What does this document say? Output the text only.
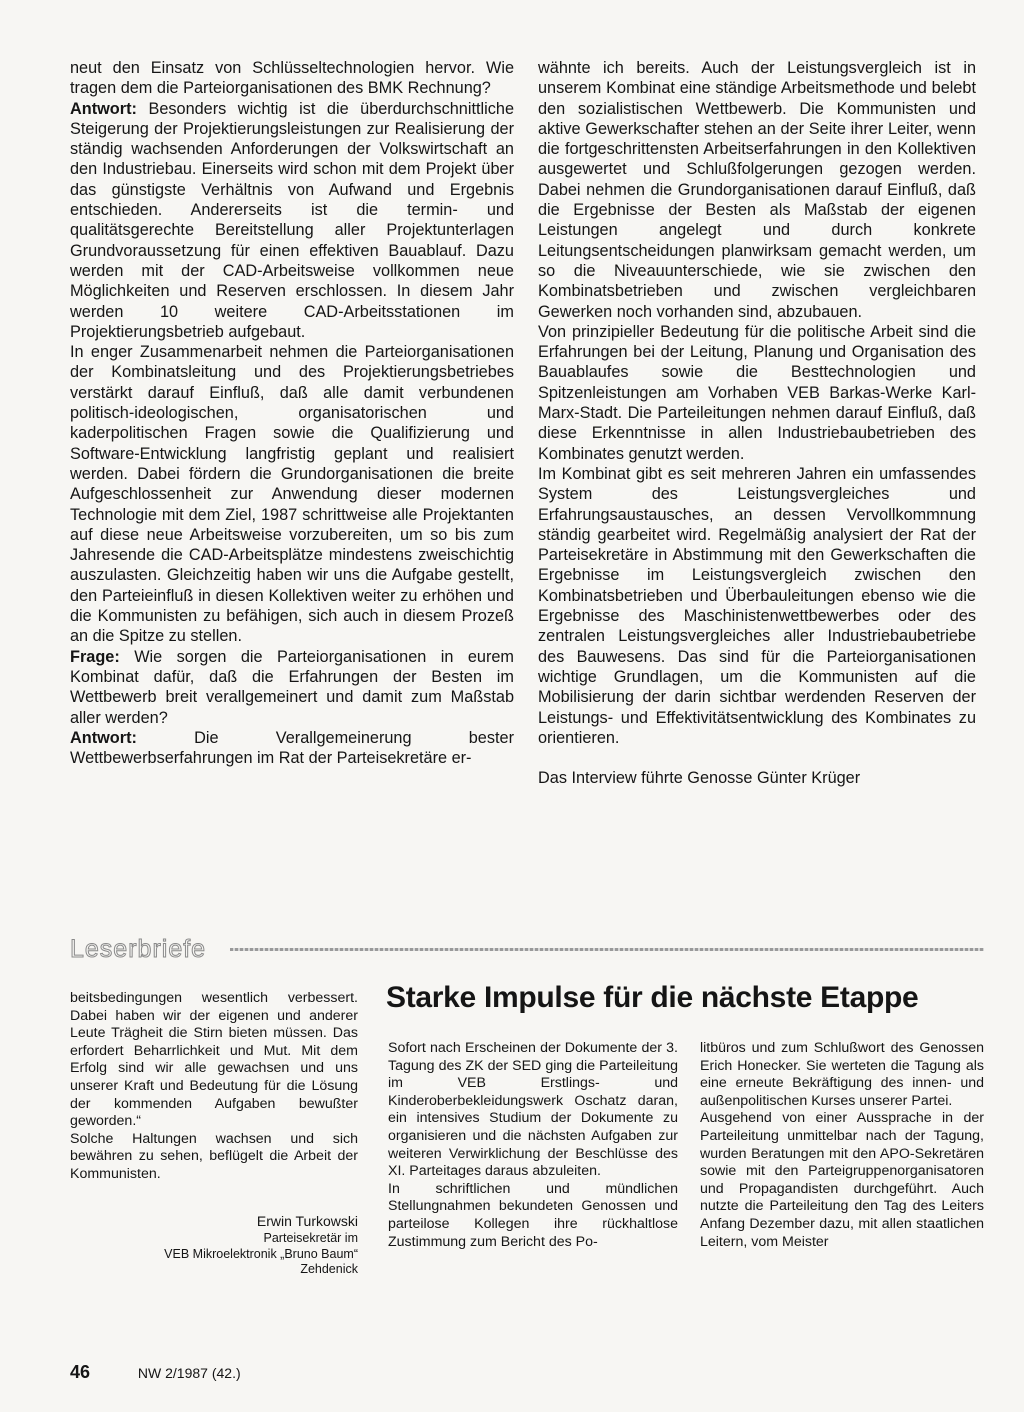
neut den Einsatz von Schlüsseltechnologien hervor. Wie tragen dem die Parteiorganisationen des BMK Rechnung?

Antwort: Besonders wichtig ist die überdurchschnittliche Steigerung der Projektierungsleistungen zur Realisierung der ständig wachsenden Anforderungen der Volkswirtschaft an den Industriebau. Einerseits wird schon mit dem Projekt über das günstigste Verhältnis von Aufwand und Ergebnis entschieden. Andererseits ist die termin- und qualitätsgerechte Bereitstellung aller Projektunterlagen Grundvoraussetzung für einen effektiven Bauablauf. Dazu werden mit der CAD-Arbeitsweise vollkommen neue Möglichkeiten und Reserven erschlossen. In diesem Jahr werden 10 weitere CAD-Arbeitsstationen im Projektierungsbetrieb aufgebaut.

In enger Zusammenarbeit nehmen die Parteiorganisationen der Kombinatsleitung und des Projektierungsbetriebes verstärkt darauf Einfluß, daß alle damit verbundenen politisch-ideologischen, organisatorischen und kaderpolitischen Fragen sowie die Qualifizierung und Software-Entwicklung langfristig geplant und realisiert werden. Dabei fördern die Grundorganisationen die breite Aufgeschlossenheit zur Anwendung dieser modernen Technologie mit dem Ziel, 1987 schrittweise alle Projektanten auf diese neue Arbeitsweise vorzubereiten, um so bis zum Jahresende die CAD-Arbeitsplätze mindestens zweischichtig auszulasten. Gleichzeitig haben wir uns die Aufgabe gestellt, den Parteieinfluß in diesen Kollektiven weiter zu erhöhen und die Kommunisten zu befähigen, sich auch in diesem Prozeß an die Spitze zu stellen.

Frage: Wie sorgen die Parteiorganisationen in eurem Kombinat dafür, daß die Erfahrungen der Besten im Wettbewerb breit verallgemeinert und damit zum Maßstab aller werden?

Antwort:	Die Verallgemeinerung bester Wettbewerbserfahrungen im Rat der Parteisekretäre er-

wähnte ich bereits. Auch der Leistungsvergleich ist in unserem Kombinat eine ständige Arbeitsmethode und belebt den sozialistischen Wettbewerb. Die Kommunisten und aktive Gewerkschafter stehen an der Seite ihrer Leiter, wenn die fortgeschrittensten Arbeitserfahrungen in den Kollektiven ausgewertet und Schlußfolgerungen gezogen werden. Dabei nehmen die Grundorganisationen darauf Einfluß, daß die Ergebnisse der Besten als Maßstab der eigenen Leistungen angelegt und durch konkrete Leitungsentscheidungen planwirksam gemacht werden, um so die Niveauunterschiede, wie sie zwischen den Kombinatsbetrieben und zwischen vergleichbaren Gewerken noch vorhanden sind, abzubauen.

Von prinzipieller Bedeutung für die politische Arbeit sind die Erfahrungen bei der Leitung, Planung und Organisation des Bauablaufes sowie die Besttechnologien und Spitzenleistungen am Vorhaben VEB Barkas-Werke Karl-Marx-Stadt. Die Parteileitungen nehmen darauf Einfluß, daß diese Erkenntnisse in allen Industriebaubetrieben des Kombinates genutzt werden.

Im Kombinat gibt es seit mehreren Jahren ein umfassendes System des Leistungsvergleiches und Erfahrungsaustausches, an dessen Vervollkommnung ständig gearbeitet wird. Regelmäßig analysiert der Rat der Parteisekretäre in Abstimmung mit den Gewerkschaften die Ergebnisse im Leistungsvergleich zwischen den Kombinatsbetrieben und Überbauleitungen ebenso wie die Ergebnisse des Maschinistenwettbewerbes oder des zentralen Leistungsvergleiches aller Industriebaubetriebe des Bauwesens. Das sind für die Parteiorganisationen wichtige Grundlagen, um die Kommunisten auf die Mobilisierung der darin sichtbar werdenden Reserven der Leistungs- und Effektivitätsentwicklung des Kombinates zu orientieren.

Das Interview führte Genosse Günter Krüger

Leserbriefe

beitsbedingungen wesentlich verbessert. Dabei haben wir der eigenen und anderer Leute Trägheit die Stirn bieten müssen. Das erfordert Beharrlichkeit und Mut. Mit dem Erfolg sind wir alle gewachsen und uns unserer Kraft und Bedeutung für die Lösung der kommenden Aufgaben bewußter geworden.“

Solche Haltungen wachsen und sich bewähren zu sehen, beflügelt die Arbeit der Kommunisten.

Erwin Turkowski
Parteisekretär im
VEB Mikroelektronik „Bruno Baum“
Zehdenick
Starke Impulse für die nächste Etappe

Sofort nach Erscheinen der Dokumente der 3. Tagung des ZK der SED ging die Parteileitung im VEB Erstlings- und Kinderoberbekleidungswerk Oschatz daran, ein intensives Studium der Dokumente zu organisieren und die nächsten Aufgaben zur weiteren Verwirklichung der Beschlüsse des XI. Parteitages daraus abzuleiten.

In schriftlichen und mündlichen Stellungnahmen bekundeten Genossen und parteilose Kollegen ihre rückhaltlose Zustimmung zum Bericht des Po-

litbüros und zum Schlußwort des Genossen Erich Honecker. Sie werteten die Tagung als eine erneute Bekräftigung des innen- und außenpolitischen Kurses unserer Partei.

Ausgehend von einer Aussprache in der Parteileitung unmittelbar nach der Tagung, wurden Beratungen mit den APO-Sekretären sowie mit den Parteigruppenorganisatoren und Propagandisten durchgeführt. Auch nutzte die Parteileitung den Tag des Leiters Anfang Dezember dazu, mit allen staatlichen Leitern, vom Meister

46	NW 2/1987 (42.)
